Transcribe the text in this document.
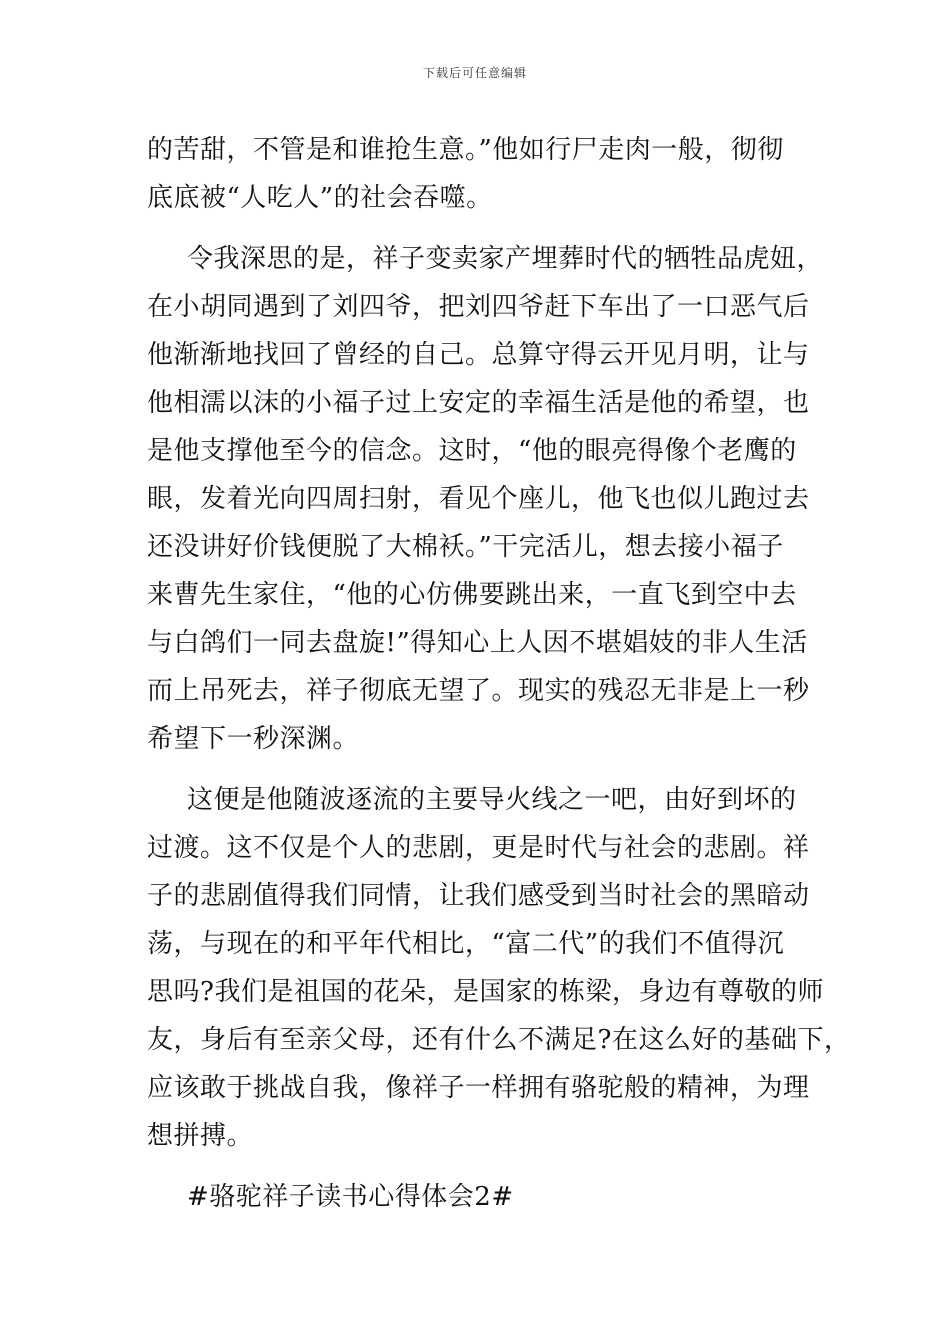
下载后可任意编辑
的苦甜，不管是和谁抢生意。”他如行尸走肉一般，彻彻
底底被“人吃人”的社会吞噬。
令我深思的是，祥子变卖家产埋葬时代的牺牲品虎妞，
在小胡同遇到了刘四爷，把刘四爷赶下车出了一口恶气后
他渐渐地找回了曾经的自己。总算守得云开见月明，让与
他相濡以沫的小福子过上安定的幸福生活是他的希望，也
是他支撑他至今的信念。这时，“他的眼亮得像个老鹰的
眼，发着光向四周扫射，看见个座儿，他飞也似儿跑过去
还没讲好价钱便脱了大棉袄。”干完活儿，想去接小福子
来曹先生家住，“他的心仿佛要跳出来，一直飞到空中去
与白鸽们一同去盘旋!”得知心上人因不堪娼妓的非人生活
而上吊死去，祥子彻底无望了。现实的残忍无非是上一秒
希望下一秒深渊。
这便是他随波逐流的主要导火线之一吧，由好到坏的
过渡。这不仅是个人的悲剧，更是时代与社会的悲剧。祥
子的悲剧值得我们同情，让我们感受到当时社会的黑暗动
荡，与现在的和平年代相比，“富二代”的我们不值得沉
思吗?我们是祖国的花朵，是国家的栋梁，身边有尊敬的师
友，身后有至亲父母，还有什么不满足?在这么好的基础下，
应该敢于挑战自我，像祥子一样拥有骆驼般的精神，为理
想拼搏。
#骆驼祥子读书心得体会2#
